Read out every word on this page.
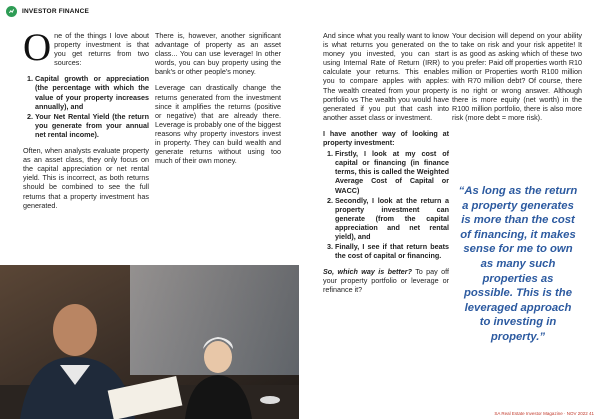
INVESTOR FINANCE

One of the things I love about property investment is that you get returns from two sources:

1. Capital growth or appreciation (the percentage with which the value of your property increases annually), and
2. Your Net Rental Yield (the return you generate from your annual net rental income).

Often, when analysts evaluate property as an asset class, they only focus on the capital appreciation or net rental yield. This is incorrect, as both returns should be combined to see the full returns that a property investment has generated.

There is, however, another significant advantage of property as an asset class... You can use leverage! In other words, you can buy property using the bank's or other people's money.

Leverage can drastically change the returns generated from the investment since it amplifies the returns (positive or negative) that are already there. Leverage is probably one of the biggest reasons why property investors invest in property. They can build wealth and generate returns without using too much of their own money.

And since what you really want to know is what returns you generated on the money you invested, you can start using Internal Rate of Return (IRR) to calculate your returns. This enables you to compare apples with apples: The wealth created from your property portfolio vs The wealth you would have generated if you put that cash into another asset class or investment.

I have another way of looking at property investment:
1. Firstly, I look at my cost of capital or financing (in finance terms, this is called the Weighted Average Cost of Capital or WACC)
2. Secondly, I look at the return a property investment can generate (from the capital appreciation and net rental yield), and
3. Finally, I see if that return beats the cost of capital or financing.

So, which way is better? To pay off your property portfolio or leverage or refinance it?

Your decision will depend on your ability to take on risk and your risk appetite! It is as good as asking which of these two you prefer: Paid off properties worth R10 million or Properties worth R100 million with R70 million debt? Of course, there is no right or wrong answer. Although there is more equity (net worth) in the R100 million portfolio, there is also more risk (more debt = more risk).

“As long as the return a property generates is more than the cost of financing, it makes sense for me to own as many such properties as possible. This is the leveraged approach to investing in property.”
SA Real Estate Investor Magazine · NOV 2022 41
